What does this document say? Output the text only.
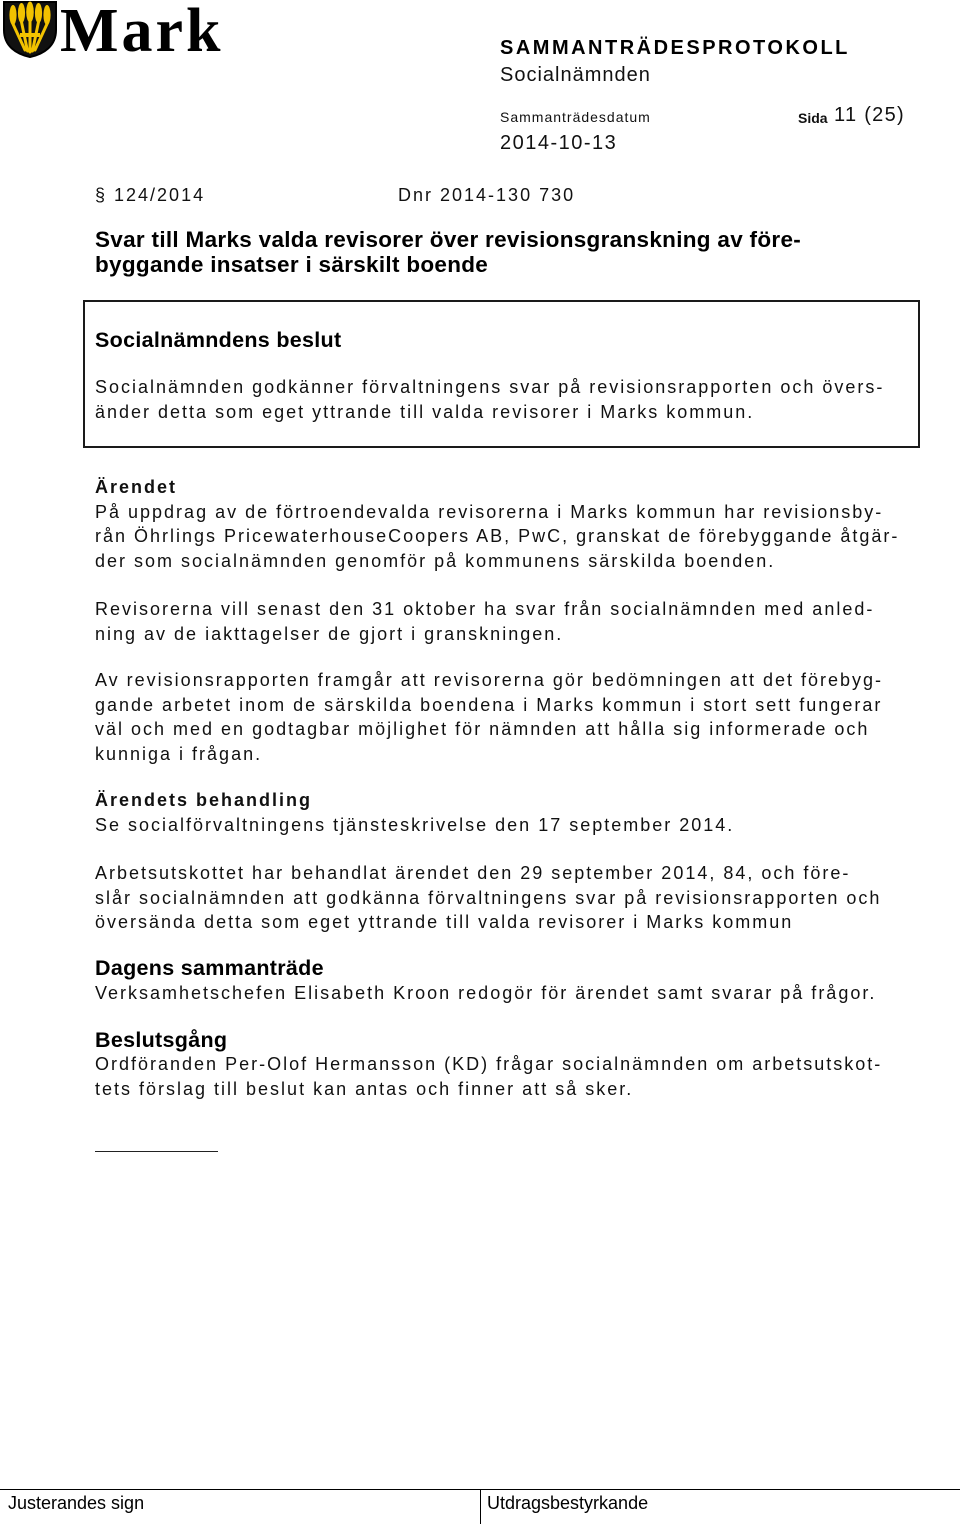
Mark	SAMMANTRÄDESPROTOKOLL
Socialnämnden
Sammanträdesdatum	Sida 11 (25)
2014-10-13
§ 124/2014	Dnr 2014-130 730
Svar till Marks valda revisorer över revisionsgranskning av före-
byggande insatser i särskilt boende
Socialnämndens beslut
Socialnämnden godkänner förvaltningens svar på revisionsrapporten och övers-
änder detta som eget yttrande till valda revisorer i Marks kommun.
Ärendet
På uppdrag av de förtroendevalda revisorerna i Marks kommun har revisionsby-
rån Öhrlings PricewaterhouseCoopers AB, PwC, granskat de förebyggande åtgär-
der som socialnämnden genomför på kommunens särskilda boenden.
Revisorerna vill senast den 31 oktober ha svar från socialnämnden med anled-
ning av de iakttagelser de gjort i granskningen.
Av revisionsrapporten framgår att revisorerna gör bedömningen att det förebyg-
gande arbetet inom de särskilda boendena i Marks kommun i stort sett fungerar
väl och med en godtagbar möjlighet för nämnden att hålla sig informerade och
kunniga i frågan.
Ärendets behandling
Se socialförvaltningens tjänsteskrivelse den 17 september 2014.
Arbetsutskottet har behandlat ärendet den 29 september 2014, 84, och före-
slår socialnämnden att godkänna förvaltningens svar på revisionsrapporten och
översända detta som eget yttrande till valda revisorer i Marks kommun
Dagens sammanträde
Verksamhetschefen Elisabeth Kroon redogör för ärendet samt svarar på frågor.
Beslutsgång
Ordföranden Per-Olof Hermansson (KD) frågar socialnämnden om arbetsutskot-
tets förslag till beslut kan antas och finner att så sker.
Justerandes sign	Utdragsbestyrkande
